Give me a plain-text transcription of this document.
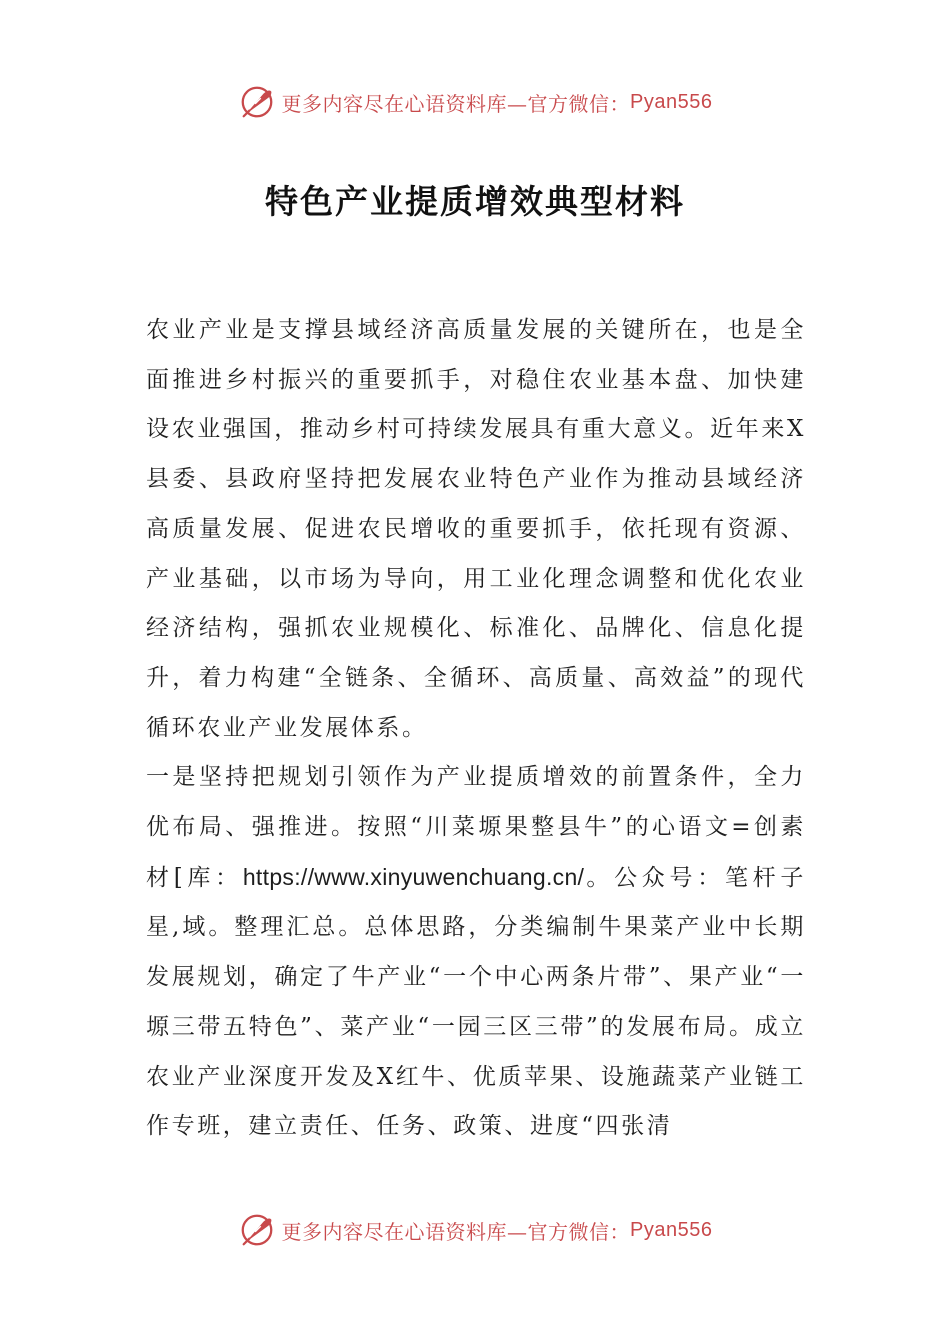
更多内容尽在心语资料库—官方微信： Pyan556
特色产业提质增效典型材料

农业产业是支撑县域经济高质量发展的关键所在，也是全面推进乡村振兴的重要抓手，对稳住农业基本盘、加快建设农业强国，推动乡村可持续发展具有重大意义。近年来X县委、县政府坚持把发展农业特色产业作为推动县域经济高质量发展、促进农民增收的重要抓手，依托现有资源、产业基础，以市场为导向，用工业化理念调整和优化农业经济结构，强抓农业规模化、标准化、品牌化、信息化提升，着力构建“全链条、全循环、高质量、高效益”的现代循环农业产业发展体系。

一是坚持把规划引领作为产业提质增效的前置条件，全力优布局、强推进。按照“川菜塬果整县牛”的心语文=创素材[库：https://www.xinyuwenchuang.cn/。公众号：笔杆子星,域。整理汇总。总体思路，分类编制牛果菜产业中长期发展规划，确定了牛产业“一个中心两条片带”、果产业“一塬三带五特色”、菜产业“一园三区三带”的发展布局。成立农业产业深度开发及X红牛、优质苹果、设施蔬菜产业链工作专班，建立责任、任务、政策、进度“四张清

更多内容尽在心语资料库—官方微信： Pyan556
